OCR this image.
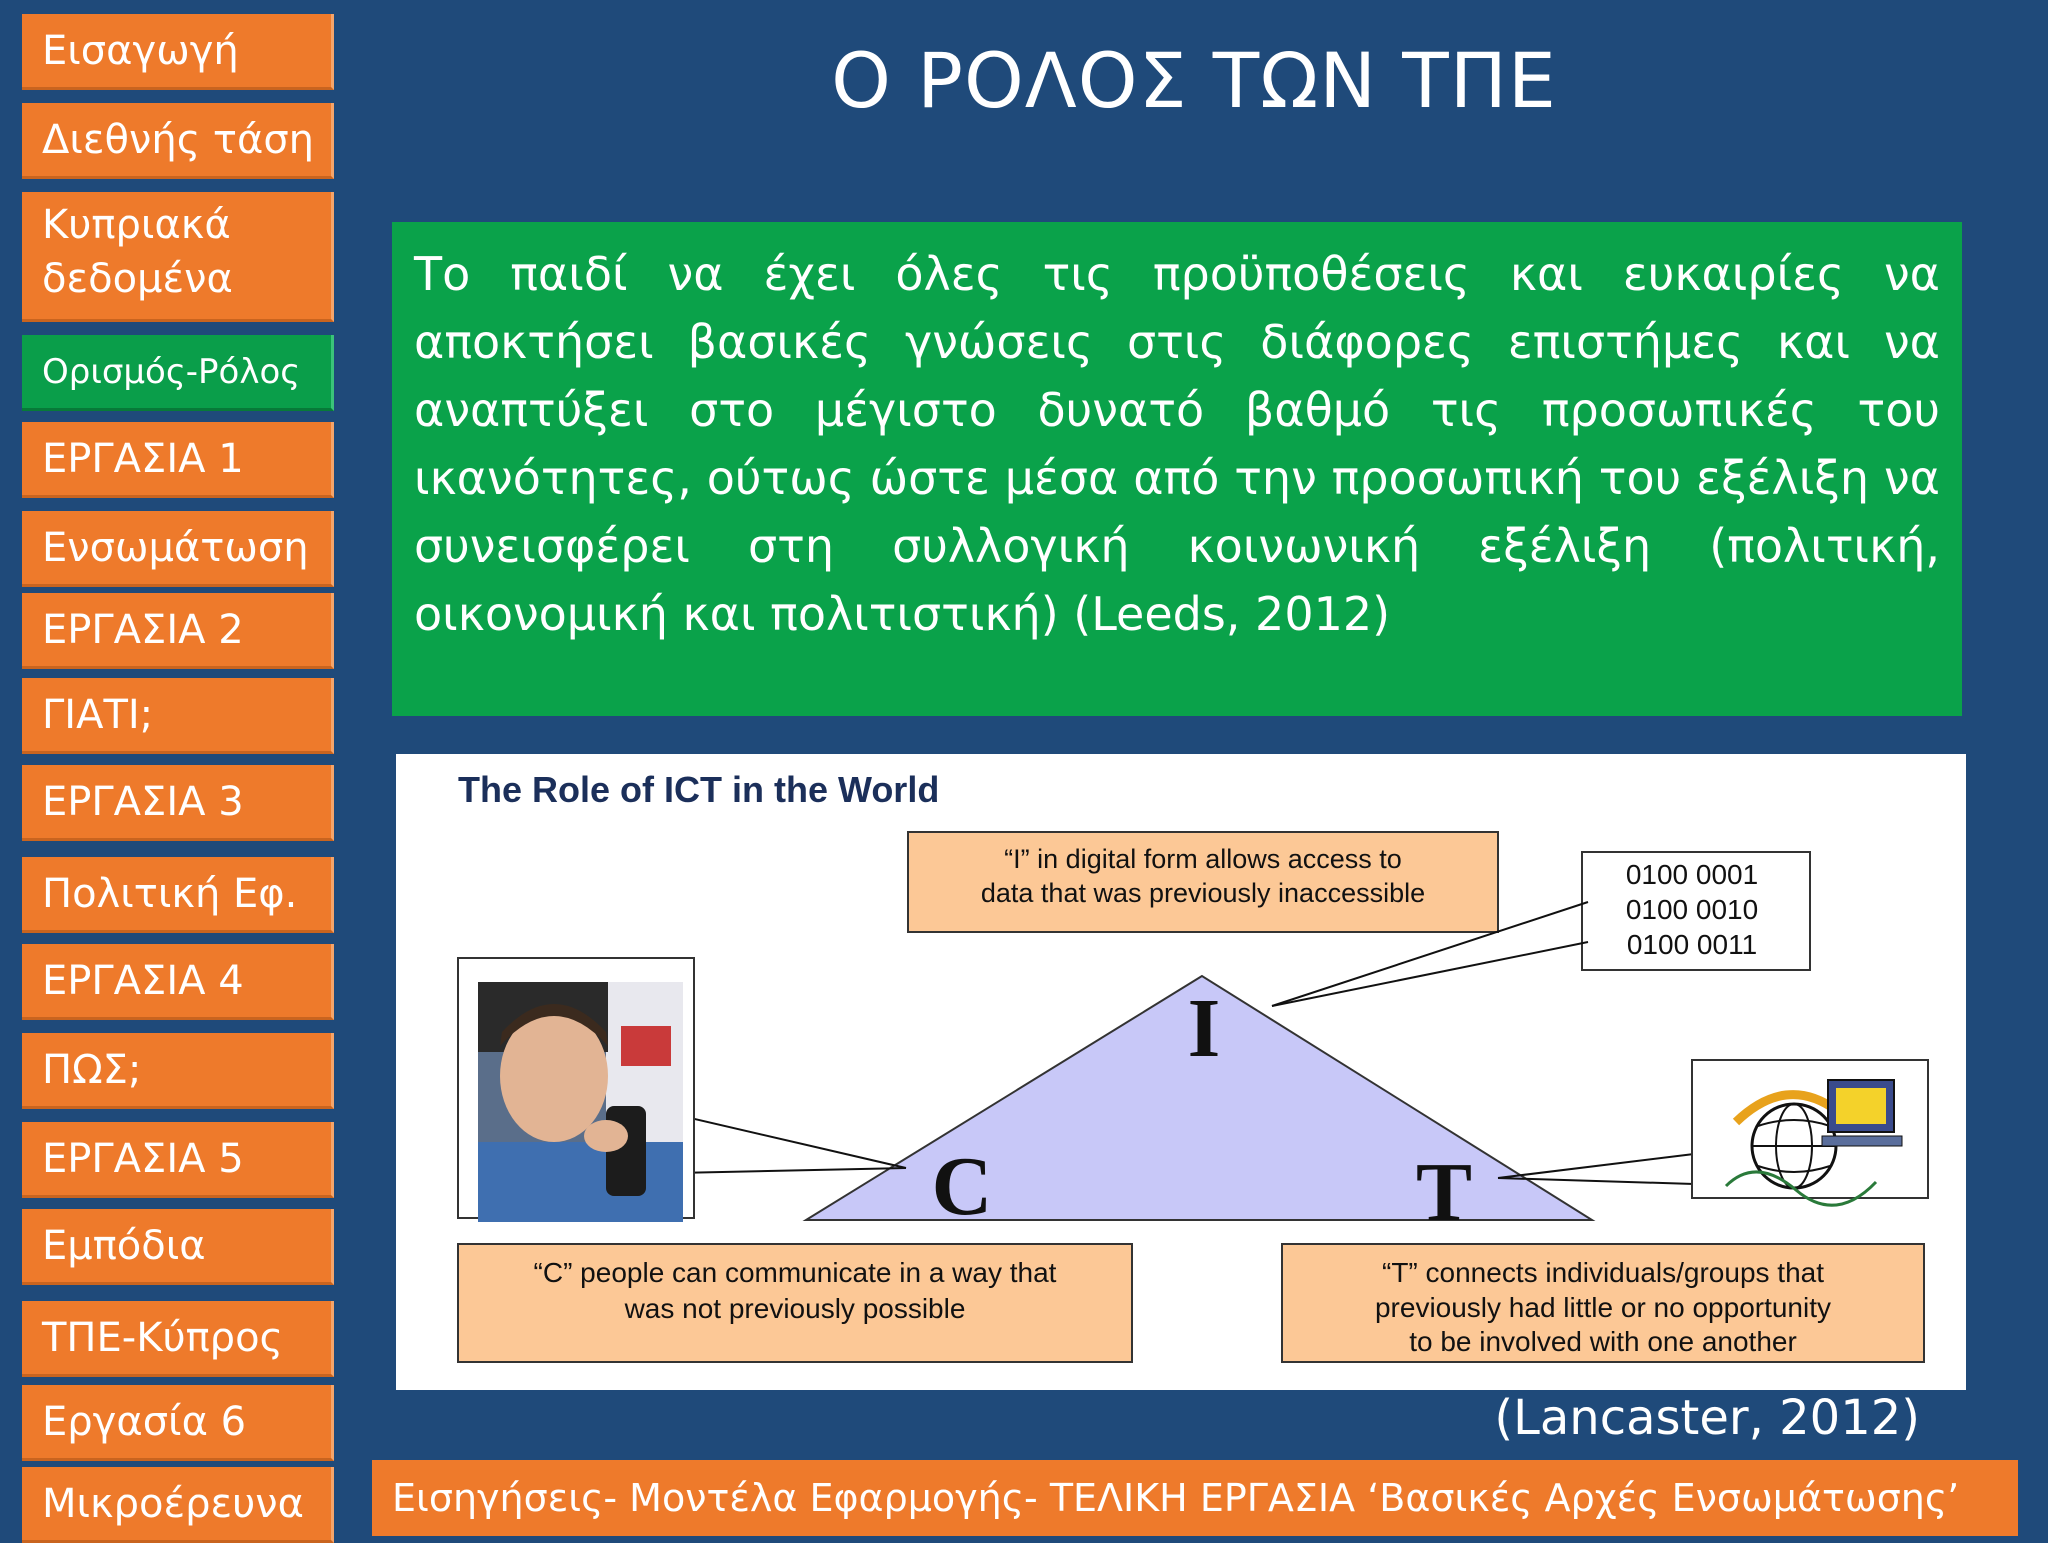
Εισαγωγή
Διεθνής τάση
Κυπριακά δεδομένα
Ορισμός-Ρόλος
ΕΡΓΑΣΙΑ 1
Ενσωμάτωση
ΕΡΓΑΣΙΑ 2
ΓΙΑΤΙ;
ΕΡΓΑΣΙΑ 3
Πολιτική Εφ.
ΕΡΓΑΣΙΑ 4
ΠΩΣ;
ΕΡΓΑΣΙΑ 5
Εμπόδια
ΤΠΕ-Κύπρος
Εργασία 6
Μικροέρευνα
Ο ΡΟΛΟΣ ΤΩΝ ΤΠΕ

Το παιδί να έχει όλες τις προϋποθέσεις και ευκαιρίες να αποκτήσει βασικές γνώσεις στις διάφορες επιστήμες και να αναπτύξει στο μέγιστο δυνατό βαθμό τις προσωπικές του ικανότητες, ούτως ώστε μέσα από την προσωπική του εξέλιξη να συνεισφέρει στη συλλογική κοινωνική εξέλιξη (πολιτική, οικονομική και πολιτιστική) (Leeds, 2012)

The Role of ICT in the World
“I” in digital form allows access to
data that was previously inaccessible
0100 0001
0100 0010
0100 0011
I
C	T
“C” people can communicate in a way that
was not previously possible
“T” connects individuals/groups that
previously had little or no opportunity
to be involved with one another
(Lancaster, 2012)
Εισηγήσεις- Μοντέλα Εφαρμογής- ΤΕΛΙΚΗ ΕΡΓΑΣΙΑ ‘Βασικές Αρχές Ενσωμάτωσης’
